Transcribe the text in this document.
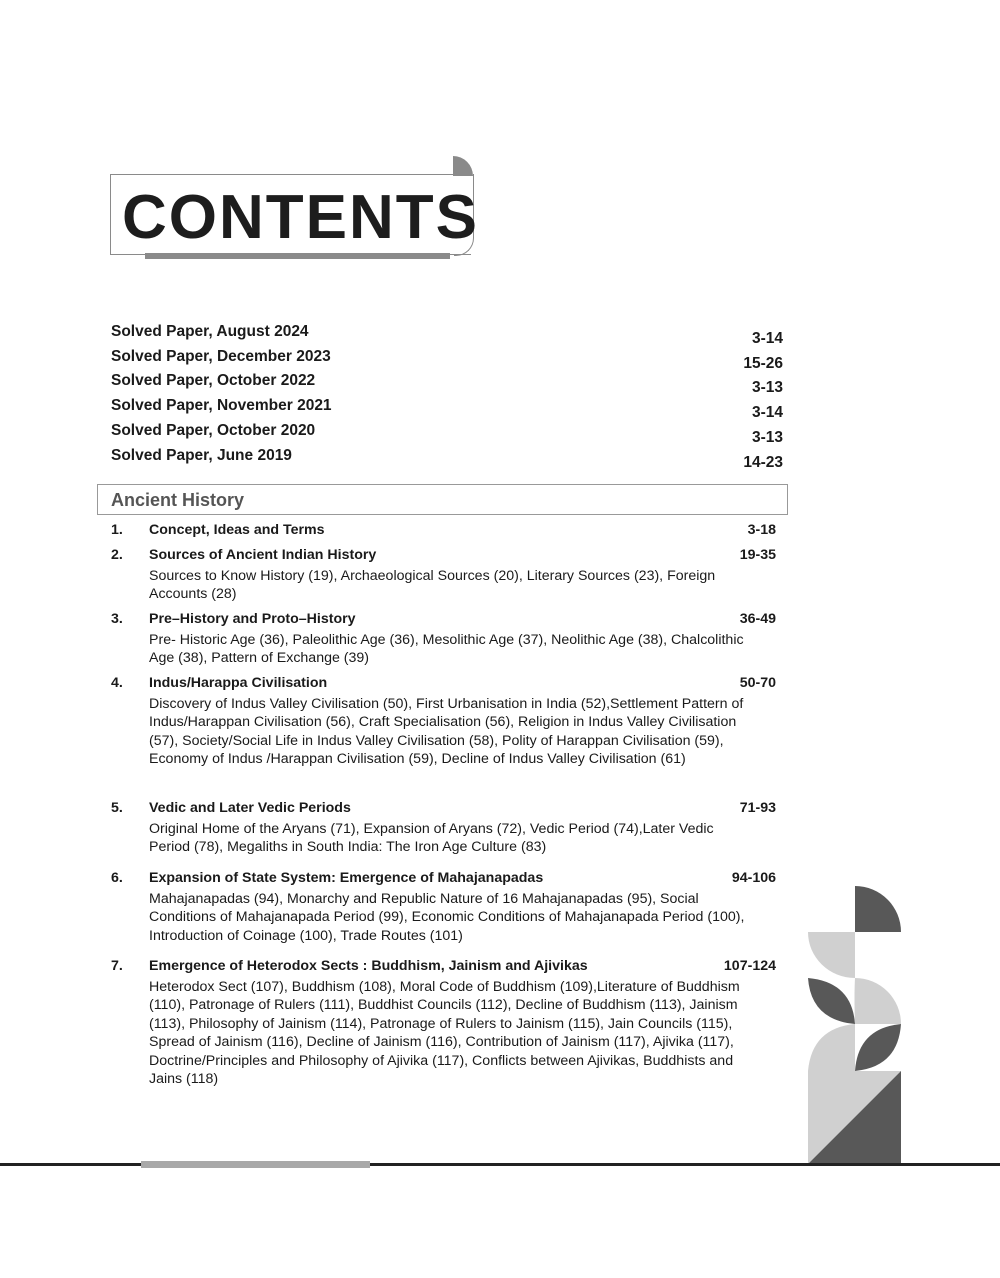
CONTENTS
Solved Paper, August 2024	3-14
Solved Paper, December 2023	15-26
Solved Paper, October 2022	3-13
Solved Paper, November 2021	3-14
Solved Paper, October 2020	3-13
Solved Paper, June 2019	14-23
Ancient History
1. Concept, Ideas and Terms	3-18
2. Sources of Ancient Indian History	19-35
Sources to Know History (19), Archaeological Sources (20), Literary Sources (23), Foreign Accounts (28)
3. Pre–History and Proto–History	36-49
Pre- Historic Age (36), Paleolithic Age (36), Mesolithic Age (37), Neolithic Age (38), Chalcolithic Age (38), Pattern of Exchange (39)
4. Indus/Harappa Civilisation	50-70
Discovery of Indus Valley Civilisation (50), First Urbanisation in India (52),Settlement Pattern of Indus/Harappan Civilisation (56), Craft Specialisation (56), Religion in Indus Valley Civilisation (57), Society/Social Life in Indus Valley Civilisation (58), Polity of Harappan Civilisation (59), Economy of Indus /Harappan Civilisation (59), Decline of Indus Valley Civilisation (61)
5. Vedic and Later Vedic Periods	71-93
Original Home of the Aryans (71), Expansion of Aryans (72), Vedic Period (74),Later Vedic Period (78), Megaliths in South India: The Iron Age Culture (83)
6. Expansion of State System: Emergence of Mahajanapadas	94-106
Mahajanapadas (94), Monarchy and Republic Nature of 16 Mahajanapadas (95), Social Conditions of Mahajanapada Period (99), Economic Conditions of Mahajanapada Period (100), Introduction of Coinage (100), Trade Routes (101)
7. Emergence of Heterodox Sects : Buddhism, Jainism and Ajivikas	107-124
Heterodox Sect (107), Buddhism (108), Moral Code of Buddhism (109),Literature of Buddhism (110), Patronage of Rulers (111), Buddhist Councils (112), Decline of Buddhism (113), Jainism (113), Philosophy of Jainism (114), Patronage of Rulers to Jainism (115), Jain Councils (115), Spread of Jainism (116), Decline of Jainism (116), Contribution of Jainism (117), Ajivika (117), Doctrine/Principles and Philosophy of Ajivika (117), Conflicts between Ajivikas, Buddhists and Jains (118)
